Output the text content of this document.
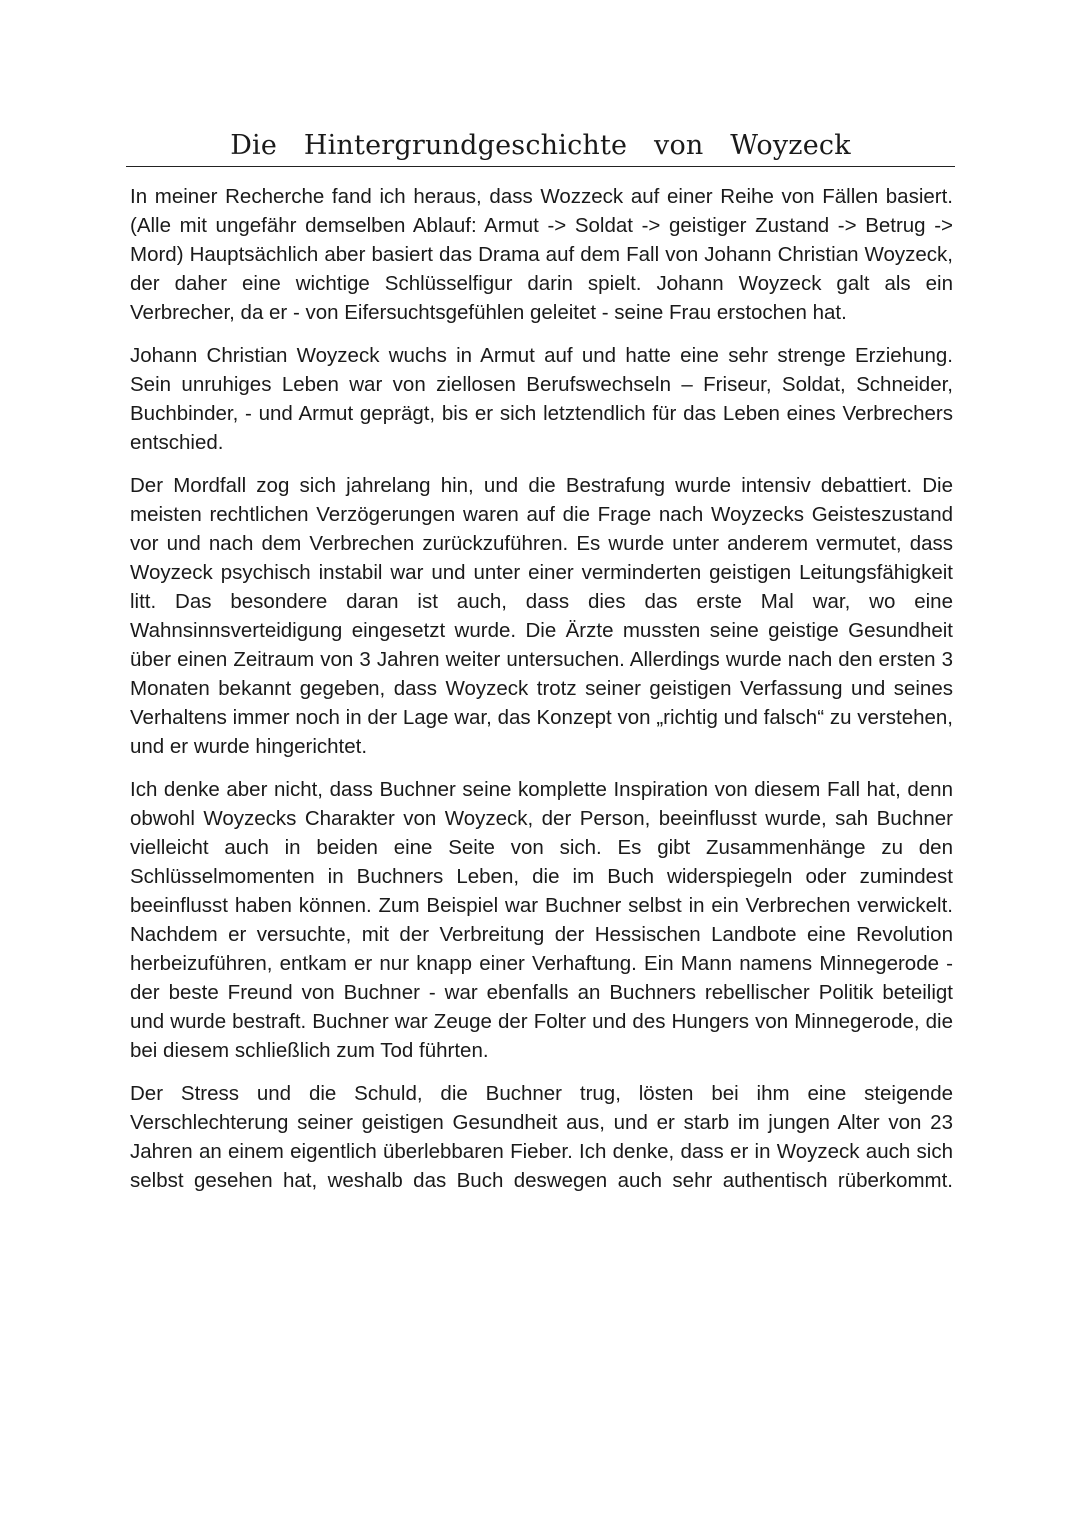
Die Hintergrundgeschichte von Woyzeck

In meiner Recherche fand ich heraus, dass Wozzeck auf einer Reihe von Fällen basiert. (Alle mit ungefähr demselben Ablauf: Armut -> Soldat -> geistiger Zustand -> Betrug -> Mord) Hauptsächlich aber basiert das Drama auf dem Fall von Johann Christian Woyzeck, der daher eine wichtige Schlüsselfigur darin spielt. Johann Woyzeck galt als ein Verbrecher, da er - von Eifersuchtsgefühlen geleitet - seine Frau erstochen hat.

Johann Christian Woyzeck wuchs in Armut auf und hatte eine sehr strenge Erziehung. Sein unruhiges Leben war von ziellosen Berufswechseln – Friseur, Soldat, Schneider, Buchbinder, - und Armut geprägt, bis er sich letztendlich für das Leben eines Verbrechers entschied.

Der Mordfall zog sich jahrelang hin, und die Bestrafung wurde intensiv debattiert. Die meisten rechtlichen Verzögerungen waren auf die Frage nach Woyzecks Geisteszustand vor und nach dem Verbrechen zurückzuführen. Es wurde unter anderem vermutet, dass Woyzeck psychisch instabil war und unter einer verminderten geistigen Leitungsfähigkeit litt. Das besondere daran ist auch, dass dies das erste Mal war, wo eine Wahnsinnsverteidigung eingesetzt wurde. Die Ärzte mussten seine geistige Gesundheit über einen Zeitraum von 3 Jahren weiter untersuchen. Allerdings wurde nach den ersten 3 Monaten bekannt gegeben, dass Woyzeck trotz seiner geistigen Verfassung und seines Verhaltens immer noch in der Lage war, das Konzept von „richtig und falsch“ zu verstehen, und er wurde hingerichtet.

Ich denke aber nicht, dass Buchner seine komplette Inspiration von diesem Fall hat, denn obwohl Woyzecks Charakter von Woyzeck, der Person, beeinflusst wurde, sah Buchner vielleicht auch in beiden eine Seite von sich. Es gibt Zusammenhänge zu den Schlüsselmomenten in Buchners Leben, die im Buch widerspiegeln oder zumindest beeinflusst haben können. Zum Beispiel war Buchner selbst in ein Verbrechen verwickelt. Nachdem er versuchte, mit der Verbreitung der Hessischen Landbote eine Revolution herbeizuführen, entkam er nur knapp einer Verhaftung. Ein Mann namens Minnegerode - der beste Freund von Buchner - war ebenfalls an Buchners rebellischer Politik beteiligt und wurde bestraft. Buchner war Zeuge der Folter und des Hungers von Minnegerode, die bei diesem schließlich zum Tod führten.

Der Stress und die Schuld, die Buchner trug, lösten bei ihm eine steigende Verschlechterung seiner geistigen Gesundheit aus, und er starb im jungen Alter von 23 Jahren an einem eigentlich überlebbaren Fieber. Ich denke, dass er in Woyzeck auch sich selbst gesehen hat, weshalb das Buch deswegen auch sehr authentisch rüberkommt.
